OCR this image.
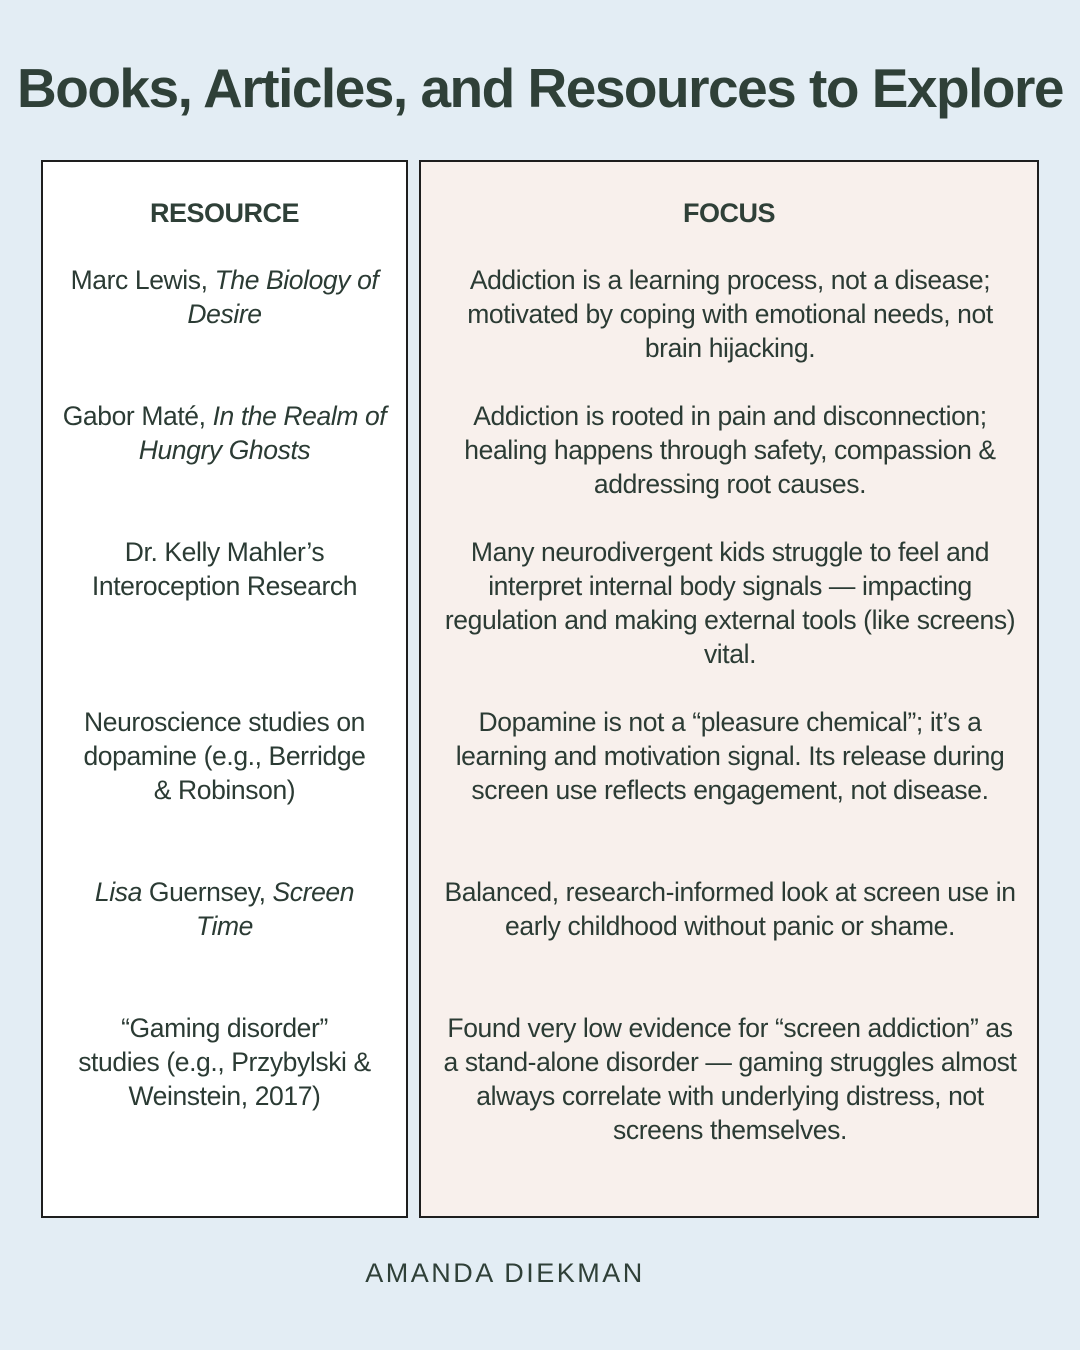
Books, Articles, and Resources to Explore
RESOURCE	FOCUS
Marc Lewis, The Biology of Desire
Addiction is a learning process, not a disease; motivated by coping with emotional needs, not brain hijacking.
Gabor Maté, In the Realm of Hungry Ghosts
Addiction is rooted in pain and disconnection; healing happens through safety, compassion & addressing root causes.
Dr. Kelly Mahler’s Interoception Research
Many neurodivergent kids struggle to feel and interpret internal body signals — impacting regulation and making external tools (like screens) vital.
Neuroscience studies on dopamine (e.g., Berridge & Robinson)
Dopamine is not a “pleasure chemical”; it’s a learning and motivation signal. Its release during screen use reflects engagement, not disease.
Lisa Guernsey, Screen Time
Balanced, research-informed look at screen use in early childhood without panic or shame.
“Gaming disorder” studies (e.g., Przybylski & Weinstein, 2017)
Found very low evidence for “screen addiction” as a stand-alone disorder — gaming struggles almost always correlate with underlying distress, not screens themselves.
AMANDA DIEKMAN
